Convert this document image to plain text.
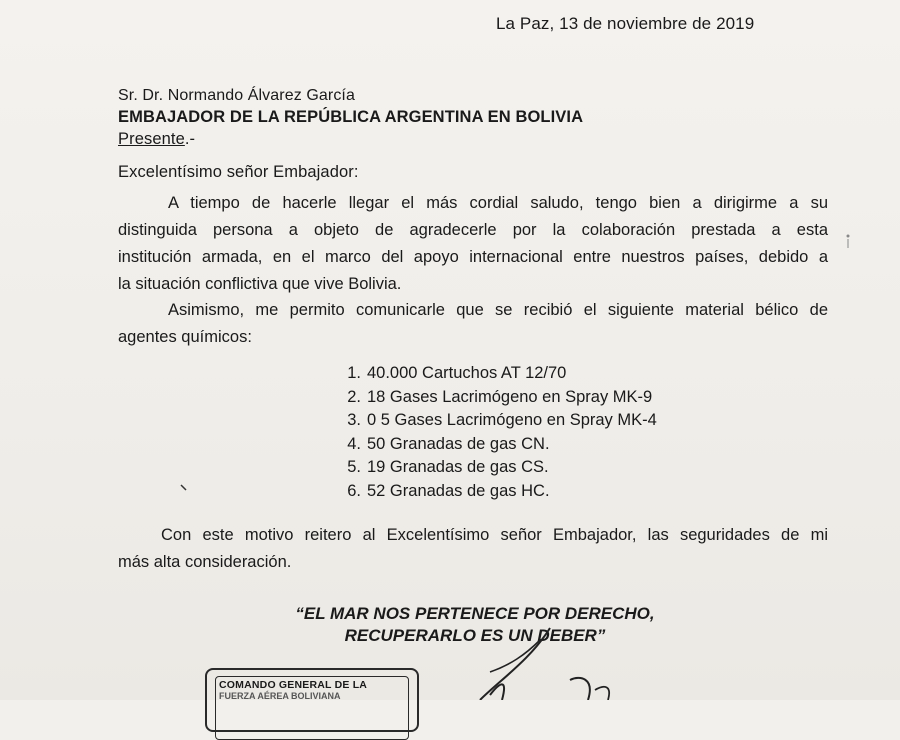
La Paz, 13 de noviembre de 2019
Sr. Dr. Normando Álvarez García
EMBAJADOR DE LA REPÚBLICA ARGENTINA EN BOLIVIA
Presente.-
Excelentísimo señor Embajador:
A tiempo de hacerle llegar el más cordial saludo, tengo bien a dirigirme a su
distinguida persona a objeto de agradecerle por la colaboración prestada a esta
institución armada, en el marco del apoyo internacional entre nuestros países, debido a
la situación conflictiva que vive Bolivia.
Asimismo, me permito comunicarle que se recibió el siguiente material bélico de
agentes químicos:
1. 40.000 Cartuchos AT 12/70
2. 18 Gases Lacrimógeno en Spray MK-9
3. 0 5 Gases Lacrimógeno en Spray MK-4
4. 50 Granadas de gas CN.
5. 19 Granadas de gas CS.
6. 52 Granadas de gas HC.
Con este motivo reitero al Excelentísimo señor Embajador, las seguridades de mi
más alta consideración.
“EL MAR NOS PERTENECE POR DERECHO,
RECUPERARLO ES UN DEBER”
COMANDO GENERAL DE LA
FUERZA AÉREA BOLIVIANA
